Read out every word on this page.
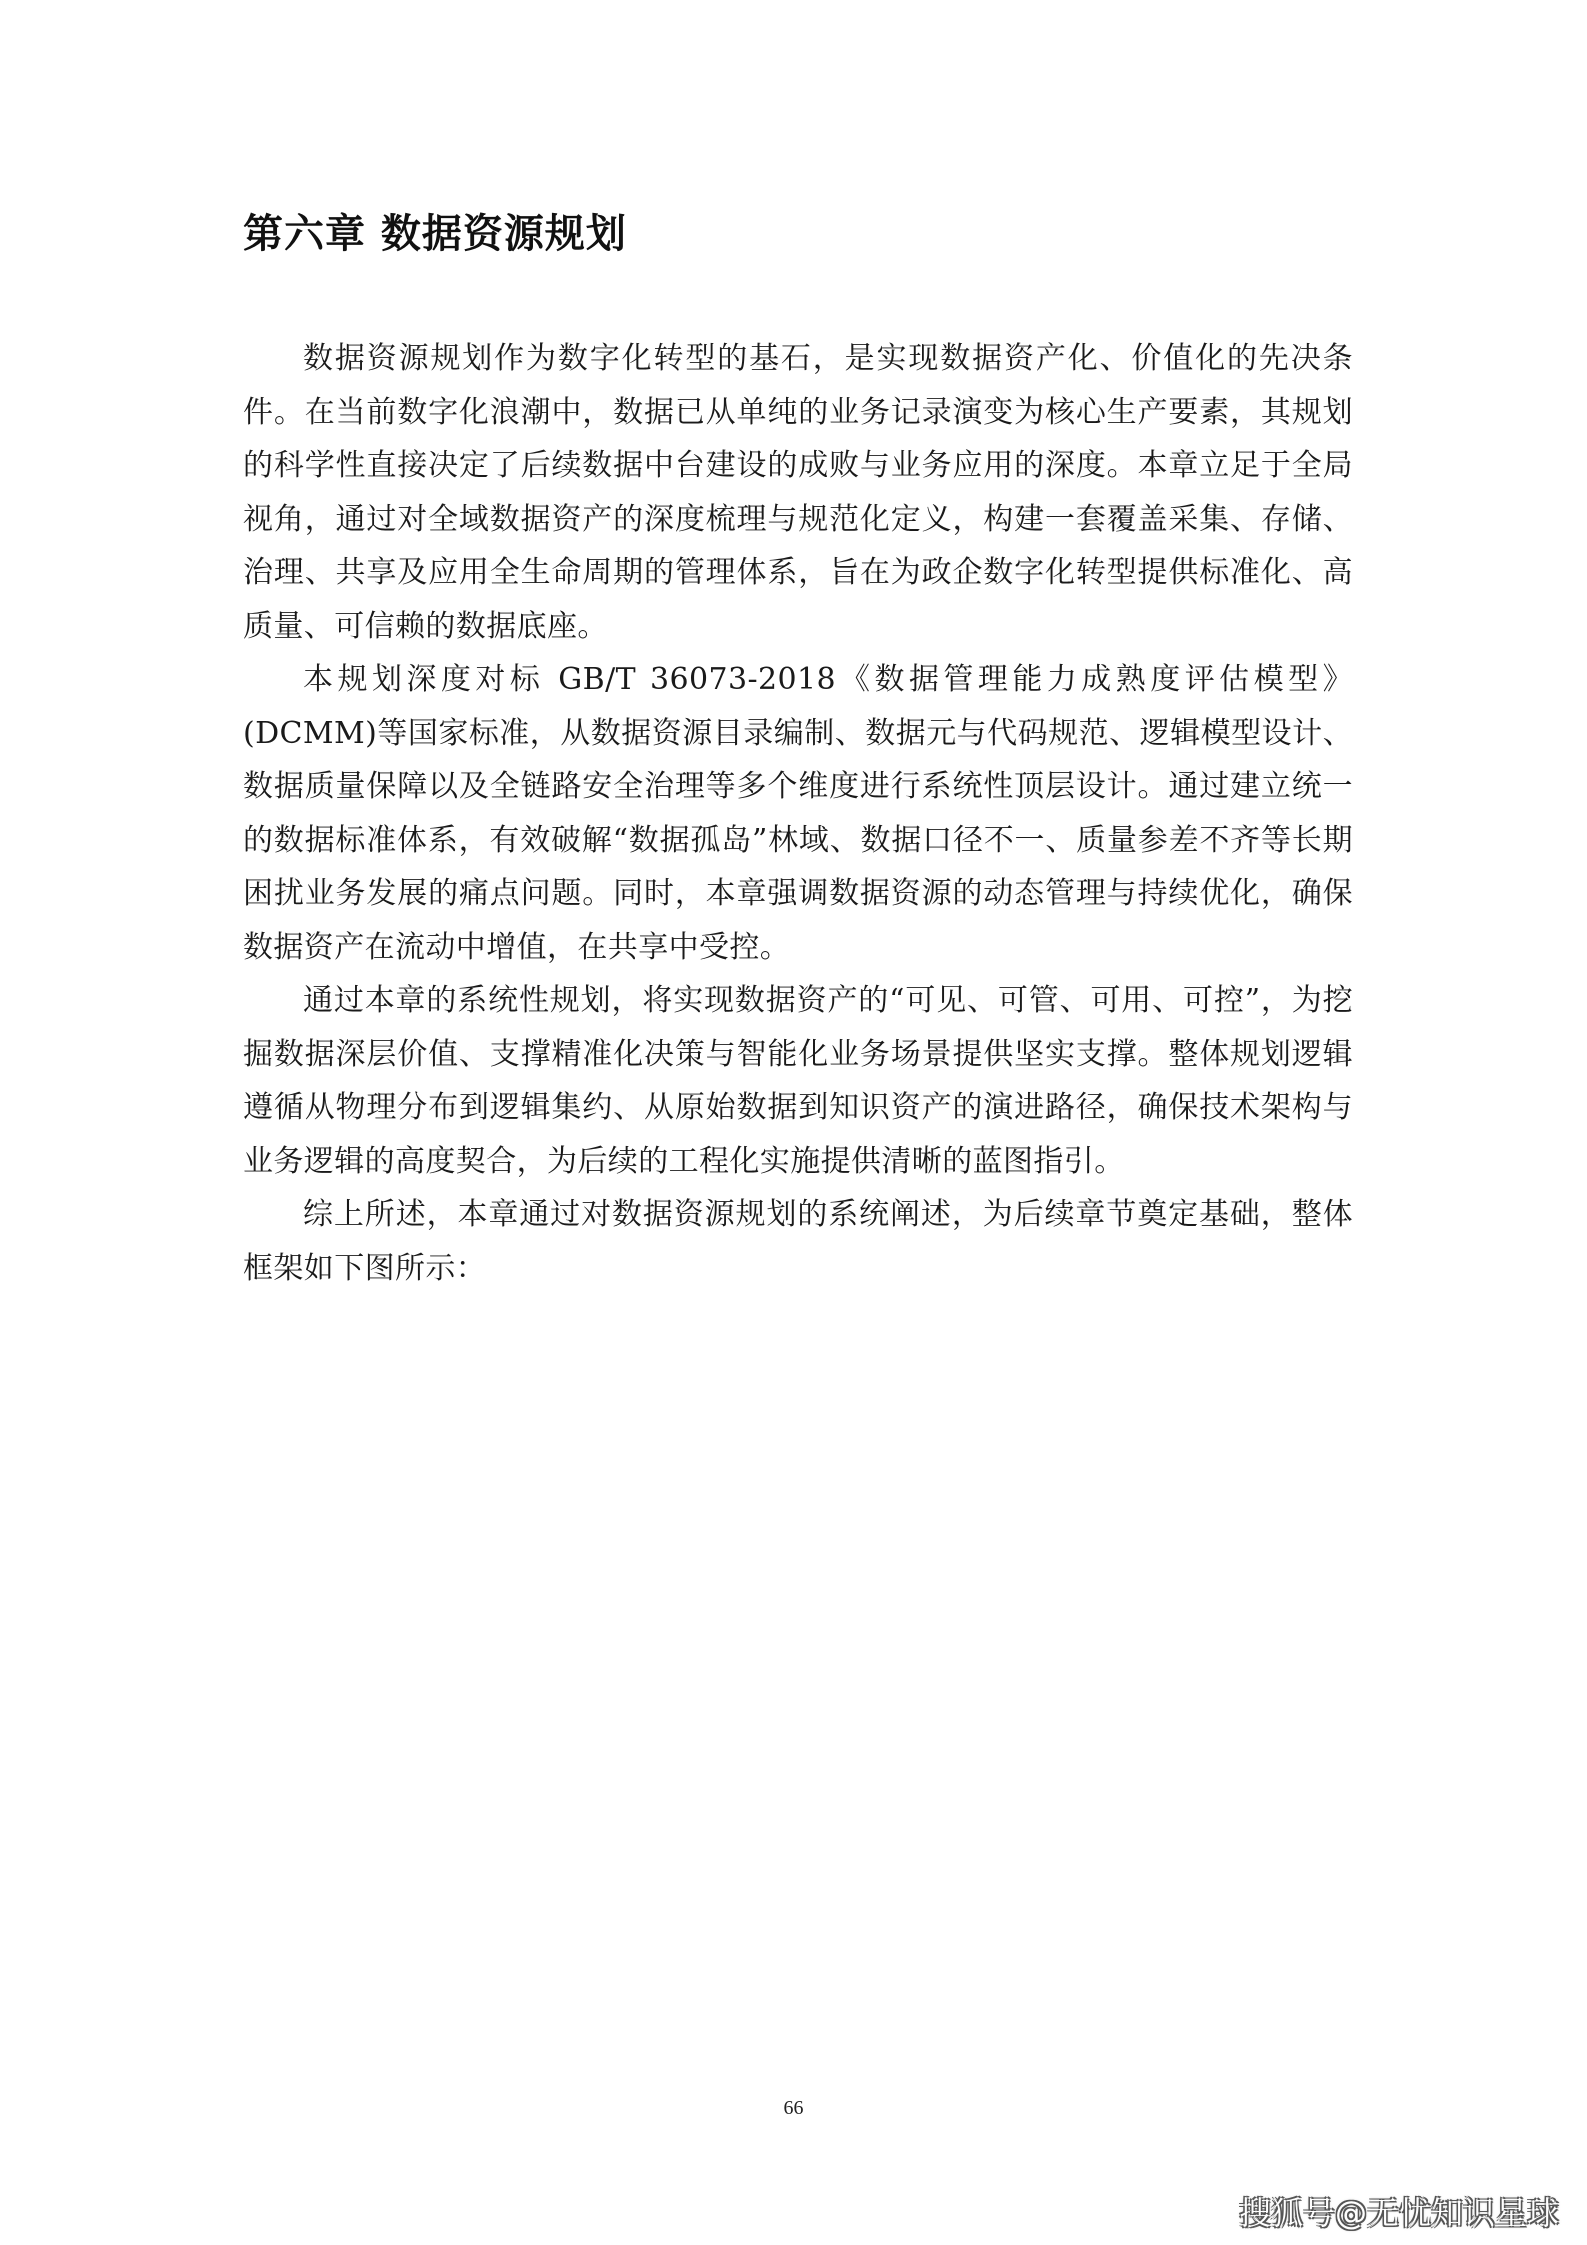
第六章 数据资源规划

数据资源规划作为数字化转型的基石，是实现数据资产化、价值化的先决条件。在当前数字化浪潮中，数据已从单纯的业务记录演变为核心生产要素，其规划的科学性直接决定了后续数据中台建设的成败与业务应用的深度。本章立足于全局视角，通过对全域数据资产的深度梳理与规范化定义，构建一套覆盖采集、存储、治理、共享及应用全生命周期的管理体系，旨在为政企数字化转型提供标准化、高质量、可信赖的数据底座。

本规划深度对标 GB/T 36073-2018《数据管理能力成熟度评估模型》(DCMM)等国家标准，从数据资源目录编制、数据元与代码规范、逻辑模型设计、数据质量保障以及全链路安全治理等多个维度进行系统性顶层设计。通过建立统一的数据标准体系，有效破解“数据孤岛”林域、数据口径不一、质量参差不齐等长期困扰业务发展的痛点问题。同时，本章强调数据资源的动态管理与持续优化，确保数据资产在流动中增值，在共享中受控。

通过本章的系统性规划，将实现数据资产的“可见、可管、可用、可控”，为挖掘数据深层价值、支撑精准化决策与智能化业务场景提供坚实支撑。整体规划逻辑遵循从物理分布到逻辑集约、从原始数据到知识资产的演进路径，确保技术架构与业务逻辑的高度契合，为后续的工程化实施提供清晰的蓝图指引。

综上所述，本章通过对数据资源规划的系统阐述，为后续章节奠定基础，整体框架如下图所示：

66
搜狐号@无忧知识星球
